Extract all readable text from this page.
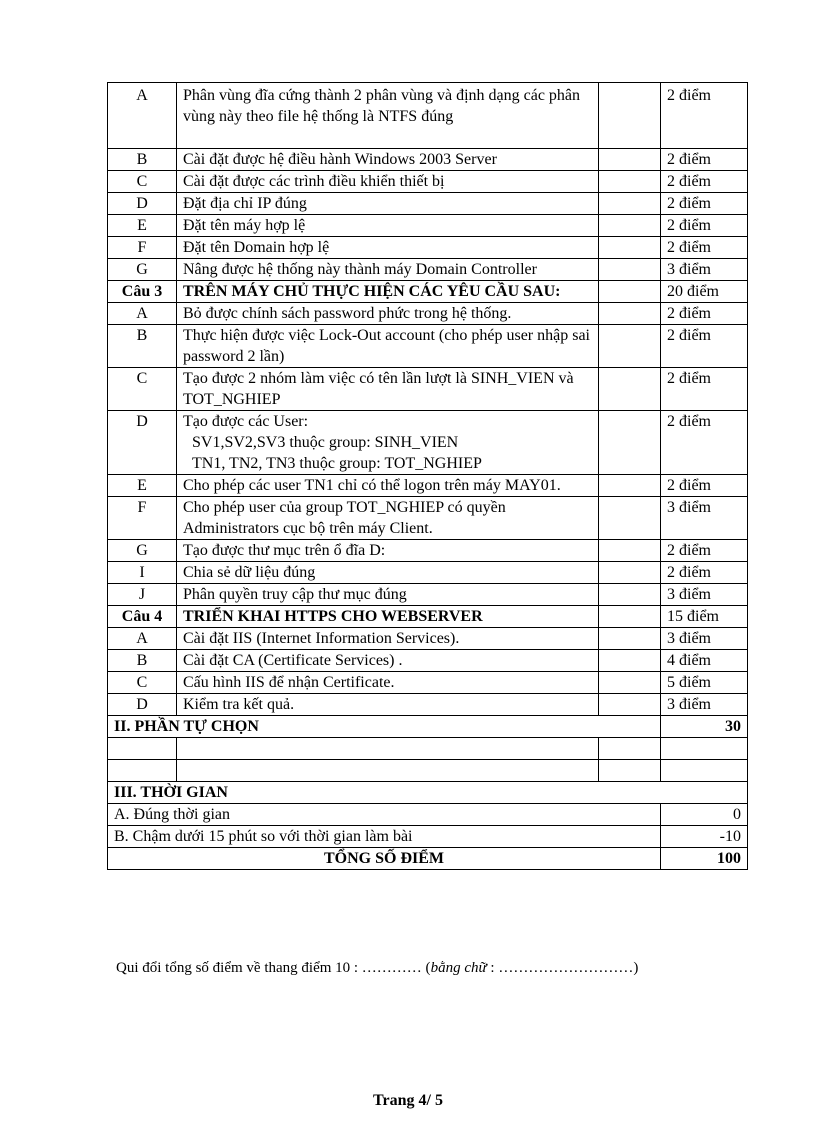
A	Phân vùng đĩa cứng thành 2 phân vùng và định dạng các phân vùng này theo file hệ thống là NTFS đúng		2 điểm
B	Cài đặt được hệ điều hành Windows 2003 Server		2 điểm
C	Cài đặt được các trình điều khiển thiết bị		2 điểm
D	Đặt địa chỉ IP đúng		2 điểm
E	Đặt tên máy hợp lệ		2 điểm
F	Đặt tên Domain hợp lệ		2 điểm
G	Nâng được hệ thống này thành máy Domain Controller		3 điểm
Câu 3	TRÊN MÁY CHỦ THỰC HIỆN CÁC YÊU CẦU SAU:		20 điểm
A	Bỏ được chính sách password phức trong hệ thống.		2 điểm
B	Thực hiện được việc Lock-Out account (cho phép user nhập sai password 2 lần)		2 điểm
C	Tạo được 2 nhóm làm việc có tên lần lượt là SINH_VIEN và TOT_NGHIEP		2 điểm
D	Tạo được các User:
SV1,SV2,SV3 thuộc group: SINH_VIEN
TN1, TN2, TN3 thuộc group: TOT_NGHIEP		2 điểm
E	Cho phép các user TN1 chỉ có thể logon trên máy MAY01.		2 điểm
F	Cho phép user của group TOT_NGHIEP có quyền Administrators cục bộ trên máy Client.		3 điểm
G	Tạo được thư mục trên ổ đĩa D:		2 điểm
I	Chia sẻ dữ liệu đúng		2 điểm
J	Phân quyền truy cập thư mục đúng		3 điểm
Câu 4	TRIỂN KHAI HTTPS CHO WEBSERVER		15 điểm
A	Cài đặt IIS (Internet Information Services).		3 điểm
B	Cài đặt CA (Certificate Services) .		4 điểm
C	Cấu hình IIS để nhận Certificate.		5 điểm
D	Kiểm tra kết quả.		3 điểm
II. PHẦN TỰ CHỌN			30

III. THỜI GIAN			
A. Đúng thời gian			0
B. Chậm dưới 15 phút so với thời gian làm bài			-10
TỔNG SỐ ĐIỂM			100
Qui đổi tổng số điểm về thang điểm 10 : ………… (bằng chữ : ………………………)
Trang 4/ 5
